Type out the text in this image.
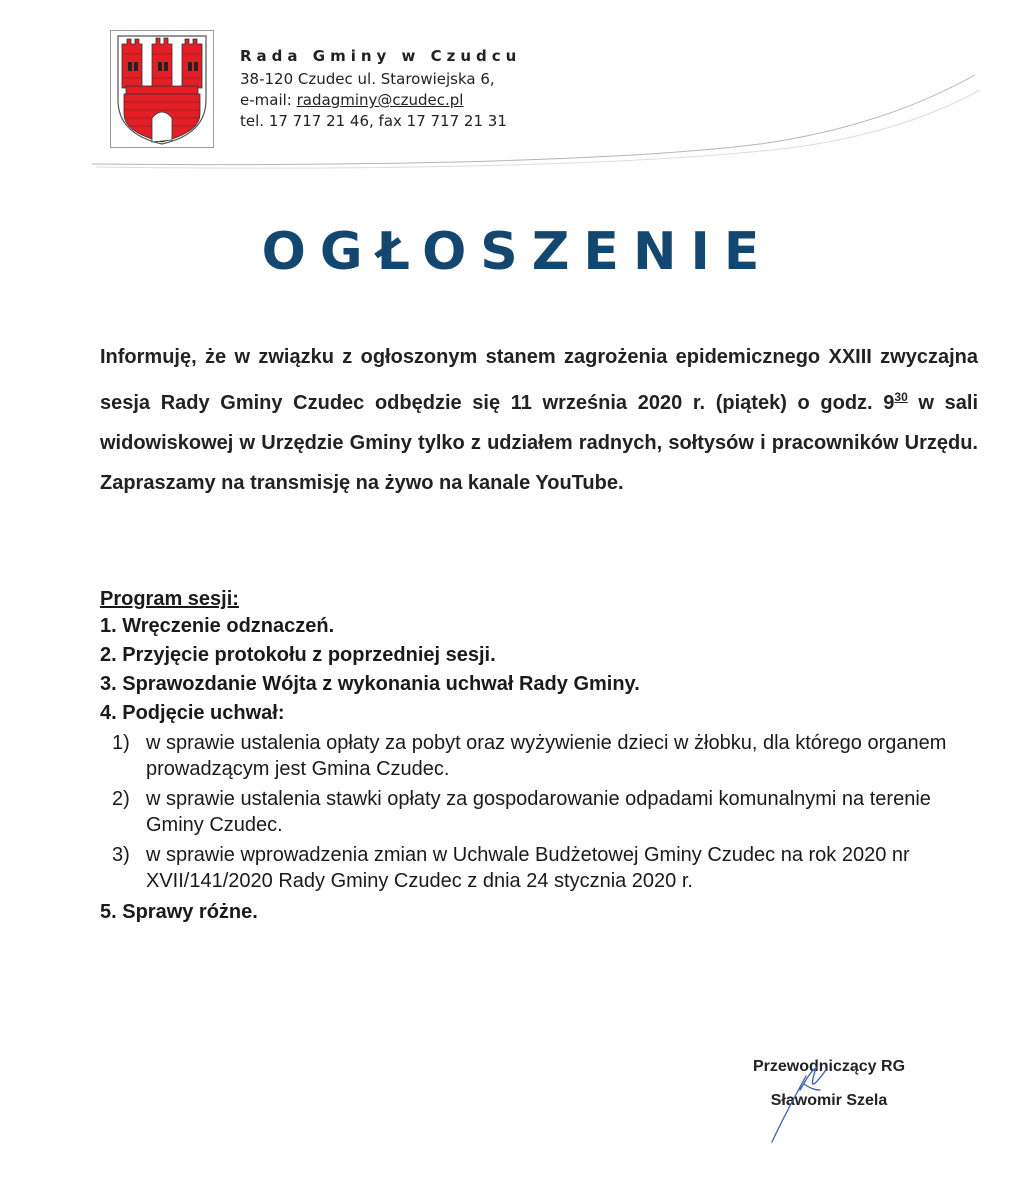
Rada Gminy w Czudcu
38-120 Czudec ul. Starowiejska 6,
e-mail: radagminy@czudec.pl
tel. 17 717 21 46, fax 17 717 21 31
OGŁOSZENIE
Informuję, że w związku z ogłoszonym stanem zagrożenia epidemicznego XXIII zwyczajna sesja Rady Gminy Czudec odbędzie się 11 września 2020 r. (piątek) o godz. $9^{30}$ w sali widowiskowej w Urzędzie Gminy tylko z udziałem radnych, sołtysów i pracowników Urzędu. Zapraszamy na transmisję na żywo na kanale YouTube.
Program sesji:
1. Wręczenie odznaczeń.
2. Przyjęcie protokołu z poprzedniej sesji.
3. Sprawozdanie Wójta z wykonania uchwał Rady Gminy.
4. Podjęcie uchwał:
1) w sprawie ustalenia opłaty za pobyt oraz wyżywienie dzieci w żłobku, dla którego organem prowadzącym jest Gmina Czudec.
2) w sprawie ustalenia stawki opłaty za gospodarowanie odpadami komunalnymi na terenie Gminy Czudec.
3) w sprawie wprowadzenia zmian w Uchwale Budżetowej Gminy Czudec na rok 2020 nr XVII/141/2020 Rady Gminy Czudec z dnia 24 stycznia 2020 r.
5. Sprawy różne.
Przewodniczący RG
Sławomir Szela
